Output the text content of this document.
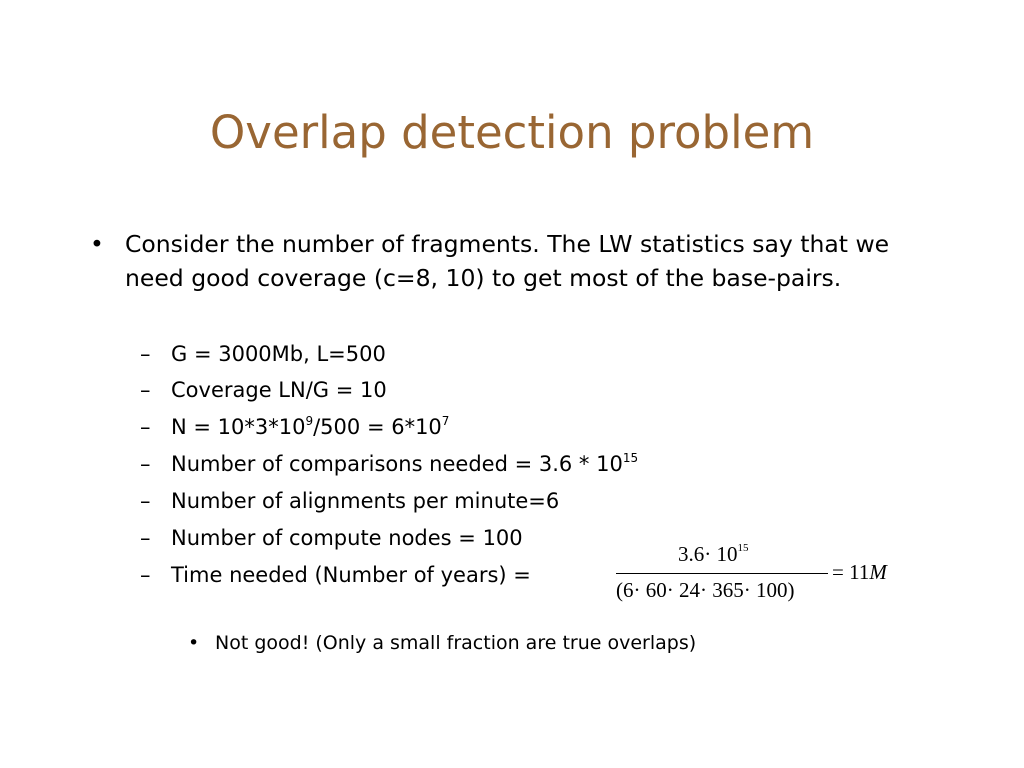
Overlap detection problem
• Consider the number of fragments. The LW statistics say that we need good coverage (c=8, 10) to get most of the base-pairs.
– G = 3000Mb, L=500
– Coverage LN/G = 10
– $N = 10*3*10^9/500 = 6*10^7$
– Number of comparisons needed = $3.6 * 10^{15}$
– Number of alignments per minute=6
– Number of compute nodes = 100
– Time needed (Number of years) =
$3.6\cdot 10^{15}$
(6· 60· 24· 365· 100)
= 11M
• Not good! (Only a small fraction are true overlaps)
